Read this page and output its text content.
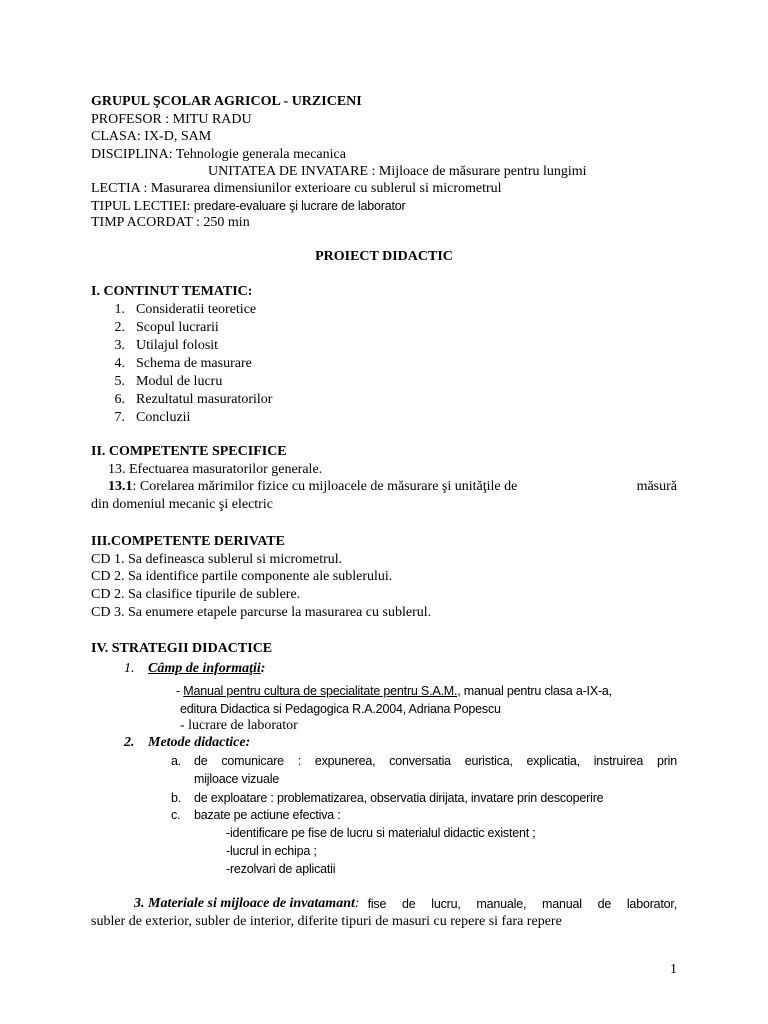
GRUPUL ŞCOLAR AGRICOL - URZICENI
PROFESOR : MITU RADU
CLASA: IX-D, SAM
DISCIPLINA: Tehnologie generala mecanica
UNITATEA DE INVATARE : Mijloace de măsurare pentru lungimi
LECTIA : Masurarea dimensiunilor exterioare cu sublerul si micrometrul
TIPUL LECTIEI: predare-evaluare şi lucrare de laborator
TIMP ACORDAT : 250 min
PROIECT DIDACTIC
I. CONTINUT TEMATIC:
1. Consideratii teoretice
2. Scopul lucrarii
3. Utilajul folosit
4. Schema de masurare
5. Modul de lucru
6. Rezultatul masuratorilor
7. Concluzii
II. COMPETENTE SPECIFICE
13. Efectuarea masuratorilor generale.
13.1: Corelarea mărimilor fizice cu mijloacele de măsurare şi unităţile de	măsură
din domeniul mecanic şi electric
III.COMPETENTE DERIVATE
CD 1. Sa defineasca sublerul si micrometrul.
CD 2. Sa identifice partile componente ale sublerului.
CD 2. Sa clasifice tipurile de sublere.
CD 3. Sa enumere etapele parcurse la masurarea cu sublerul.
IV. STRATEGII DIDACTICE
1. Câmp de informaţii:
- Manual pentru cultura de specialitate pentru S.A.M., manual pentru clasa a-IX-a,
editura Didactica si Pedagogica R.A.2004, Adriana Popescu
- lucrare de laborator
2. Metode didactice:
a. de comunicare : expunerea, conversatia euristica, explicatia, instruirea prin
mijloace vizuale
b. de exploatare : problematizarea, observatia dirijata, invatare prin descoperire
c. bazate pe actiune efectiva :
-identificare pe fise de lucru si materialul didactic existent ;
-lucrul in echipa ;
-rezolvari de aplicatii
3. Materiale si mijloace de invatamant: fise de lucru, manuale, manual de laborator,
subler de exterior, subler de interior, diferite tipuri de masuri cu repere si fara repere
1
